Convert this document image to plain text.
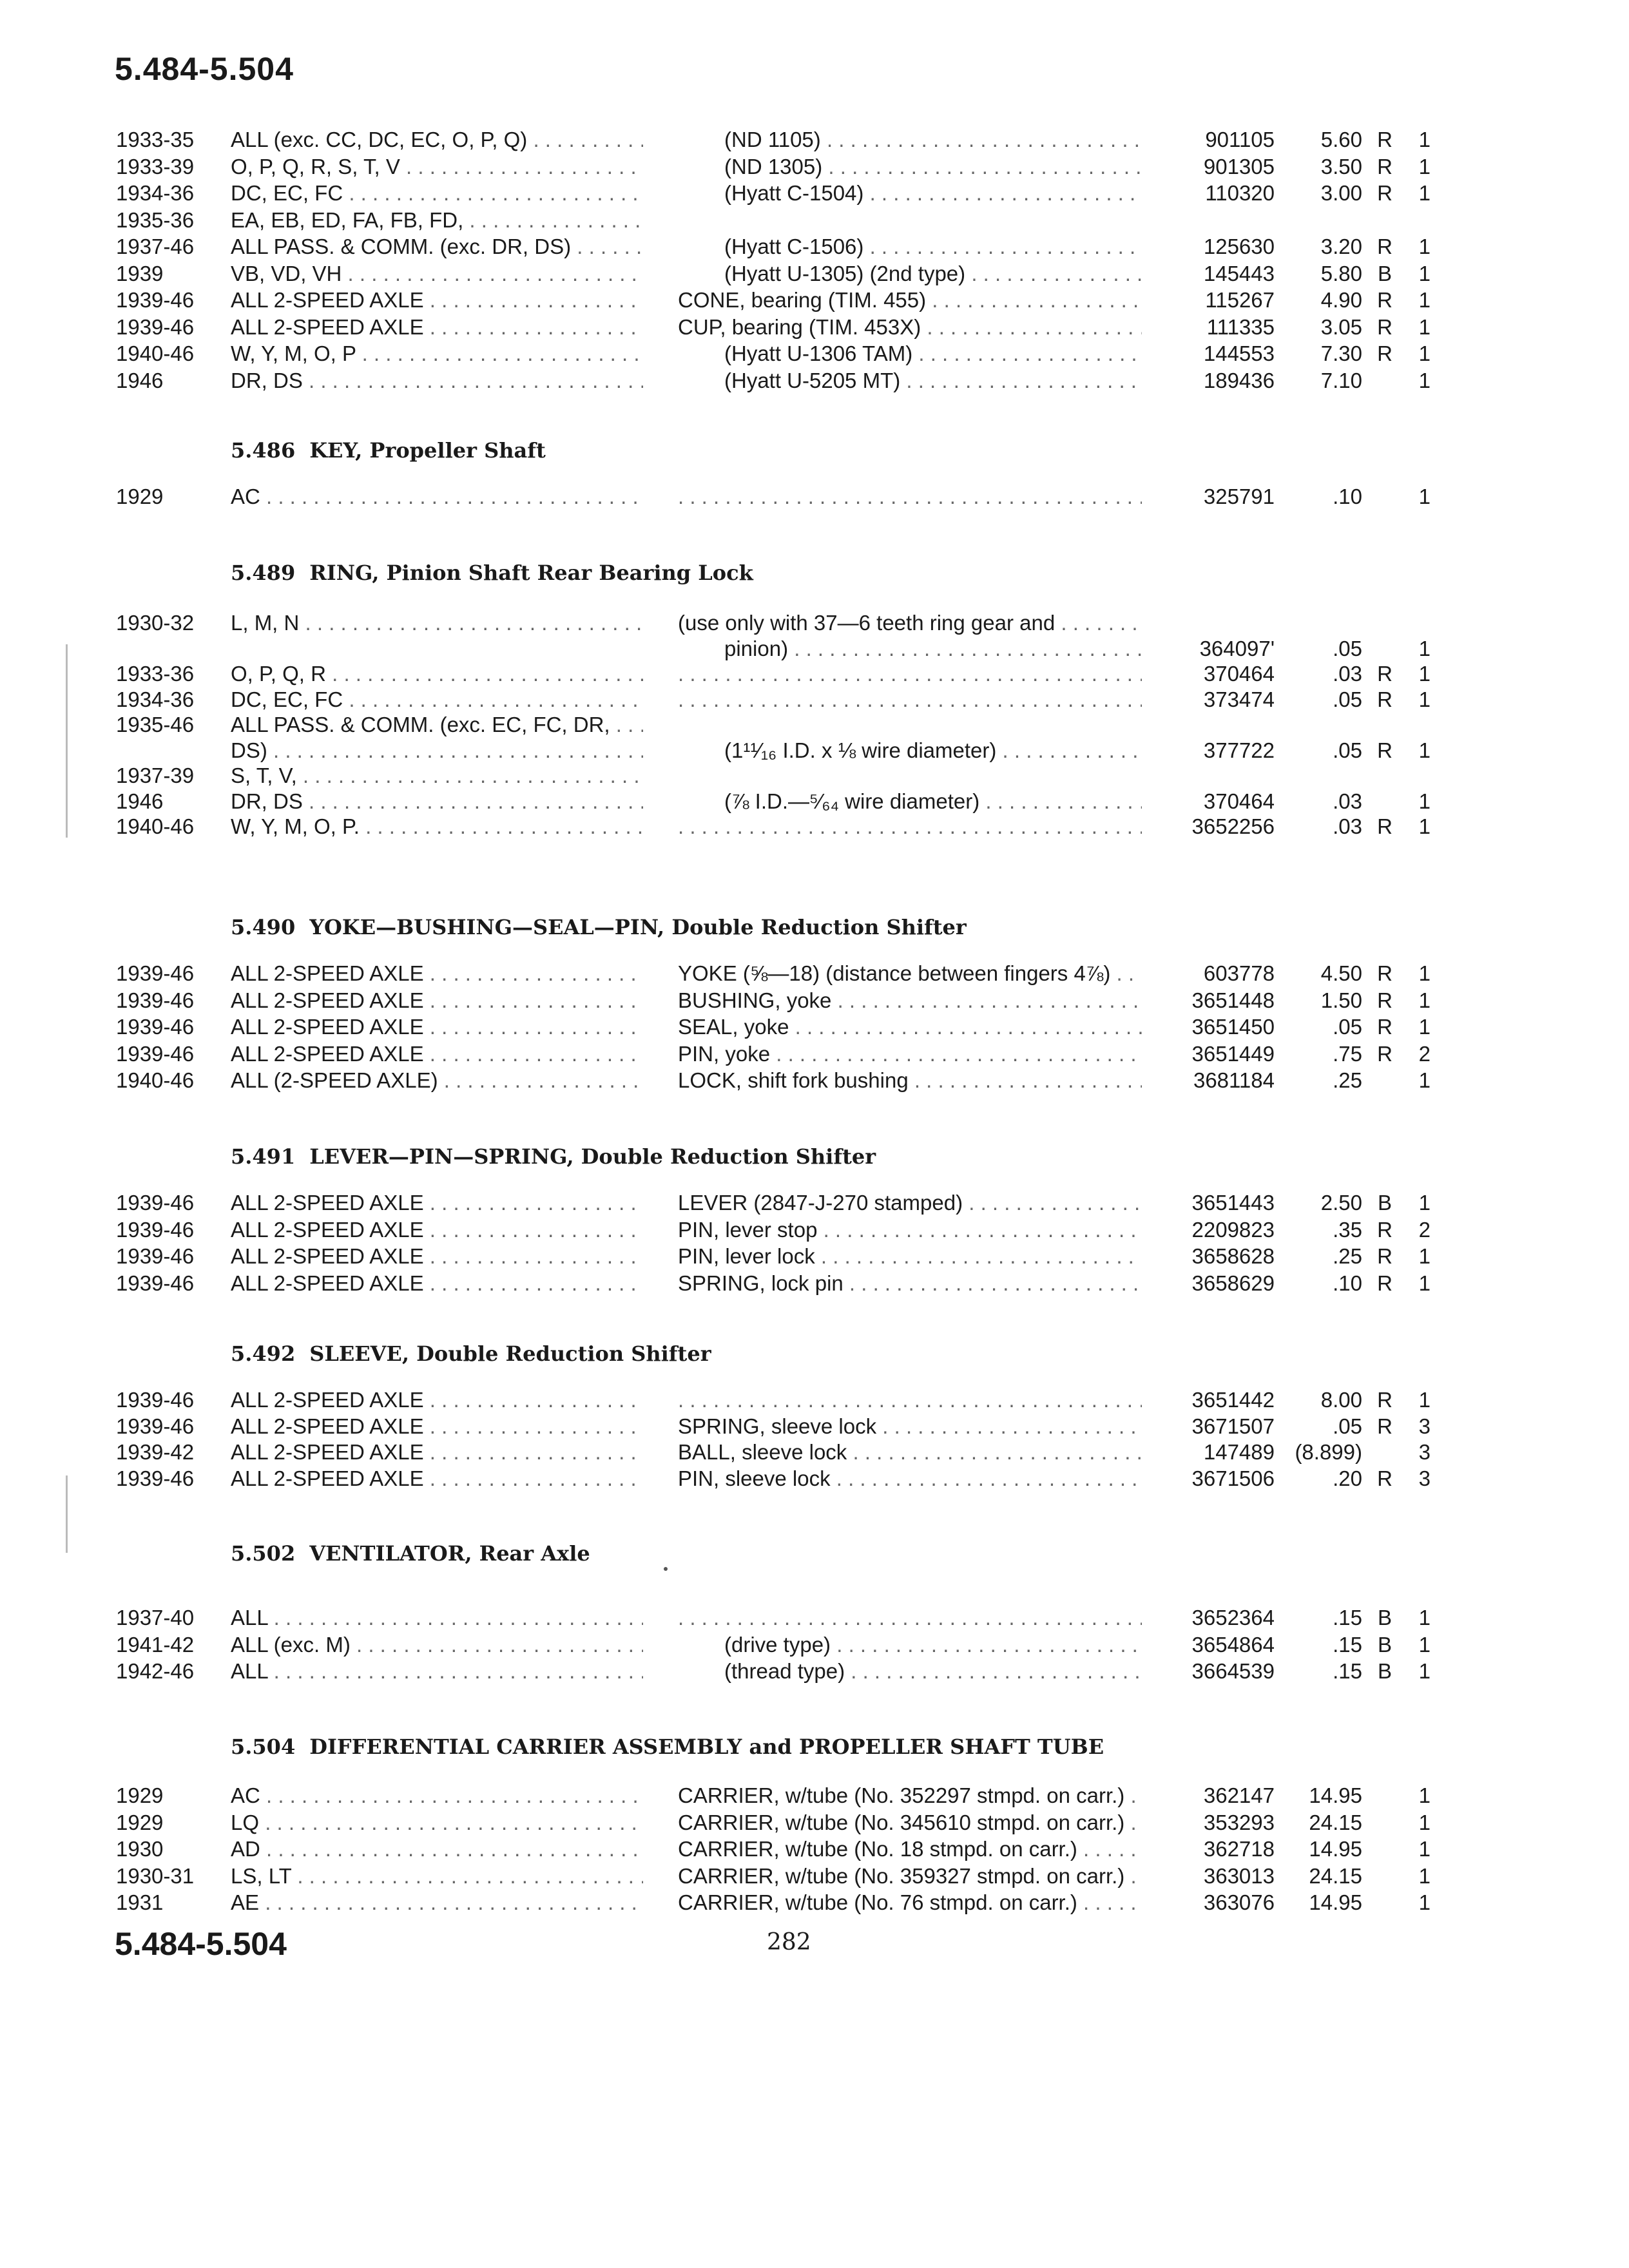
5.484-5.504
1933-35	ALL (exc. CC, DC, EC, O, P, Q) . . .	(ND 1105) . . .	901105	5.60 R	1
1933-39	O, P, Q, R, S, T, V . . .	(ND 1305) . . .	901305	3.50 R	1
1934-36	DC, EC, FC . . .	(Hyatt C-1504) . . .	110320	3.00 R	1
1935-36	EA, EB, ED, FA, FB, FD, . . .
1937-46	ALL PASS. & COMM. (exc. DR, DS) . . .	(Hyatt C-1506) . . .	125630	3.20 R	1
1939	VB, VD, VH . . .	(Hyatt U-1305) (2nd type) . . .	145443	5.80 B	1
1939-46	ALL 2-SPEED AXLE . . .	CONE, bearing (TIM. 455) . . .	115267	4.90 R	1
1939-46	ALL 2-SPEED AXLE . . .	CUP, bearing (TIM. 453X) . . .	111335	3.05 R	1
1940-46	W, Y, M, O, P . . .	(Hyatt U-1306 TAM) . . .	144553	7.30 R	1
1946	DR, DS . . .	(Hyatt U-5205 MT) . . .	189436	7.10	1
5.486 KEY, Propeller Shaft
1929	AC . . . . . .	325791	.10	1
5.489 RING, Pinion Shaft Rear Bearing Lock
1930-32	L, M, N . . .	(use only with 37—6 teeth ring gear and . . .
pinion) . . .	364097'	.05	1
1933-36	O, P, Q, R . . . . . .	370464	.03 R	1
1934-36	DC, EC, FC . . . . . .	373474	.05 R	1
1935-46	ALL PASS. & COMM. (exc. EC, FC, DR, . . .
DS) . . .	(1¹¹⁄₁₆ I.D. x ⅛ wire diameter) . . .	377722	.05 R	1
1937-39	S, T, V, . . .
1946	DR, DS . . .	(⅞ I.D.—⁵⁄₆₄ wire diameter) . . .	370464	.03	1
1940-46	W, Y, M, O, P. . . . . . .	3652256	.03 R	1
5.490 YOKE—BUSHING—SEAL—PIN, Double Reduction Shifter
1939-46	ALL 2-SPEED AXLE . . .	YOKE (⅝—18) (distance between fingers 4⅞) . . .	603778	4.50 R	1
1939-46	ALL 2-SPEED AXLE . . .	BUSHING, yoke . . .	3651448	1.50 R	1
1939-46	ALL 2-SPEED AXLE . . .	SEAL, yoke . . .	3651450	.05 R	1
1939-46	ALL 2-SPEED AXLE . . .	PIN, yoke . . .	3651449	.75 R	2
1940-46	ALL (2-SPEED AXLE) . . .	LOCK, shift fork bushing . . .	3681184	.25	1
5.491 LEVER—PIN—SPRING, Double Reduction Shifter
1939-46	ALL 2-SPEED AXLE . . .	LEVER (2847-J-270 stamped) . . .	3651443	2.50 B	1
1939-46	ALL 2-SPEED AXLE . . .	PIN, lever stop . . .	2209823	.35 R	2
1939-46	ALL 2-SPEED AXLE . . .	PIN, lever lock . . .	3658628	.25 R	1
1939-46	ALL 2-SPEED AXLE . . .	SPRING, lock pin . . .	3658629	.10 R	1
5.492 SLEEVE, Double Reduction Shifter
1939-46	ALL 2-SPEED AXLE . . . . . .	3651442	8.00 R	1
1939-46	ALL 2-SPEED AXLE . . .	SPRING, sleeve lock . . .	3671507	.05 R	3
1939-42	ALL 2-SPEED AXLE . . .	BALL, sleeve lock . . .	147489 (8.899)	3
1939-46	ALL 2-SPEED AXLE . . .	PIN, sleeve lock . . .	3671506	.20 R	3
5.502 VENTILATOR, Rear Axle
1937-40	ALL . . . . . .	3652364	.15 B	1
1941-42	ALL (exc. M) . . .	(drive type) . . .	3654864	.15 B	1
1942-46	ALL . . .	(thread type) . . .	3664539	.15 B	1
5.504 DIFFERENTIAL CARRIER ASSEMBLY and PROPELLER SHAFT TUBE
1929	AC . . .	CARRIER, w/tube (No. 352297 stmpd. on carr.) . . .	362147	14.95	1
1929	LQ . . .	CARRIER, w/tube (No. 345610 stmpd. on carr.) . . .	353293	24.15	1
1930	AD . . .	CARRIER, w/tube (No. 18 stmpd. on carr.) . . .	362718	14.95	1
1930-31	LS, LT . . .	CARRIER, w/tube (No. 359327 stmpd. on carr.) . . .	363013	24.15	1
1931	AE . . .	CARRIER, w/tube (No. 76 stmpd. on carr.) . . .	363076	14.95	1
5.484-5.504	282
